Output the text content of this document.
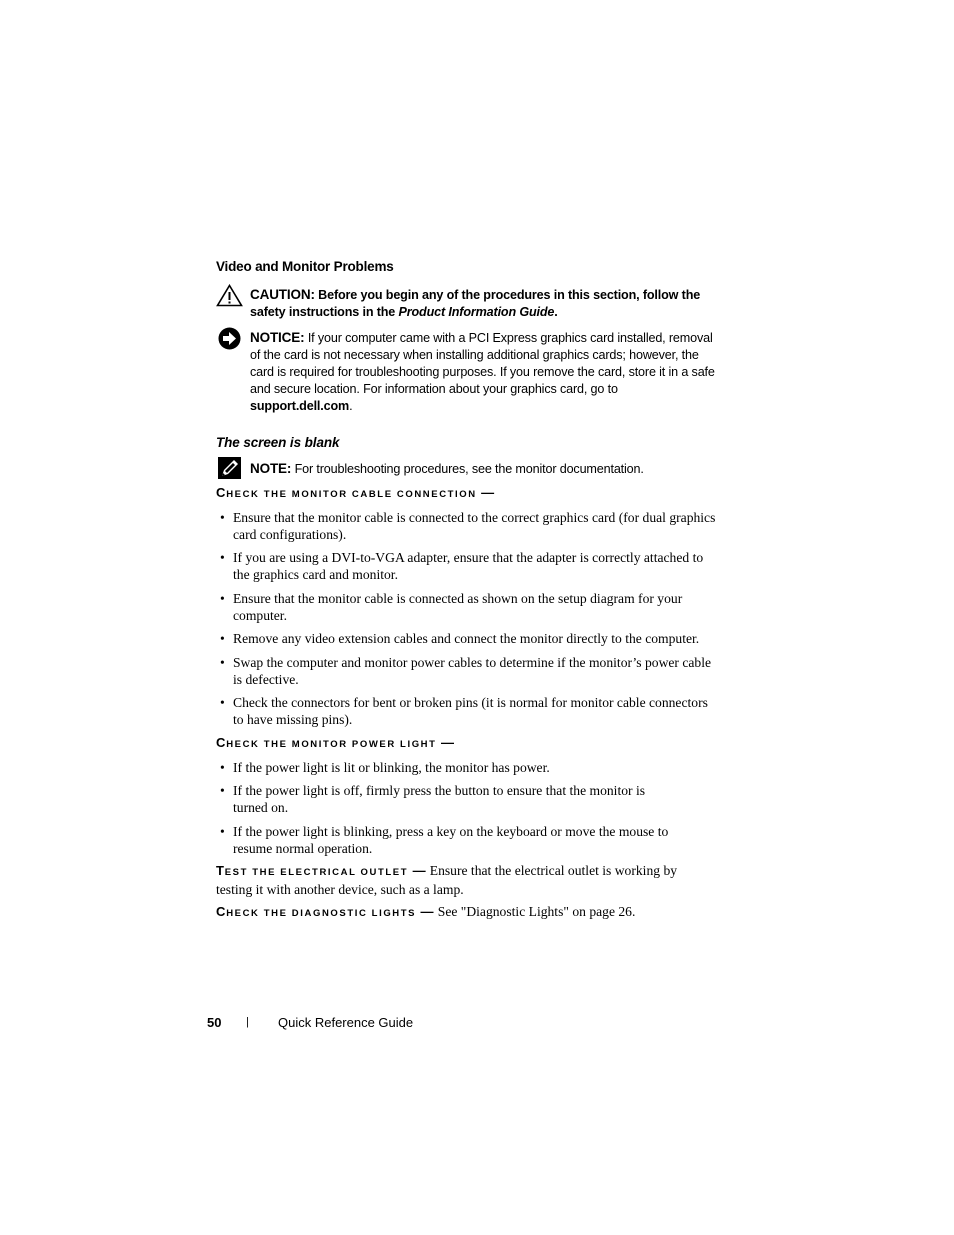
Video and Monitor Problems
CAUTION: Before you begin any of the procedures in this section, follow the safety instructions in the Product Information Guide.
NOTICE: If your computer came with a PCI Express graphics card installed, removal of the card is not necessary when installing additional graphics cards; however, the card is required for troubleshooting purposes. If you remove the card, store it in a safe and secure location. For information about your graphics card, go to support.dell.com.
The screen is blank
NOTE: For troubleshooting procedures, see the monitor documentation.
CHECK THE MONITOR CABLE CONNECTION —
• Ensure that the monitor cable is connected to the correct graphics card (for dual graphics card configurations).
• If you are using a DVI-to-VGA adapter, ensure that the adapter is correctly attached to the graphics card and monitor.
• Ensure that the monitor cable is connected as shown on the setup diagram for your computer.
• Remove any video extension cables and connect the monitor directly to the computer.
• Swap the computer and monitor power cables to determine if the monitor’s power cable is defective.
• Check the connectors for bent or broken pins (it is normal for monitor cable connectors to have missing pins).
CHECK THE MONITOR POWER LIGHT —
• If the power light is lit or blinking, the monitor has power.
• If the power light is off, firmly press the button to ensure that the monitor is turned on.
• If the power light is blinking, press a key on the keyboard or move the mouse to resume normal operation.
TEST THE ELECTRICAL OUTLET — Ensure that the electrical outlet is working by testing it with another device, such as a lamp.
CHECK THE DIAGNOSTIC LIGHTS — See "Diagnostic Lights" on page 26.
50 | Quick Reference Guide
